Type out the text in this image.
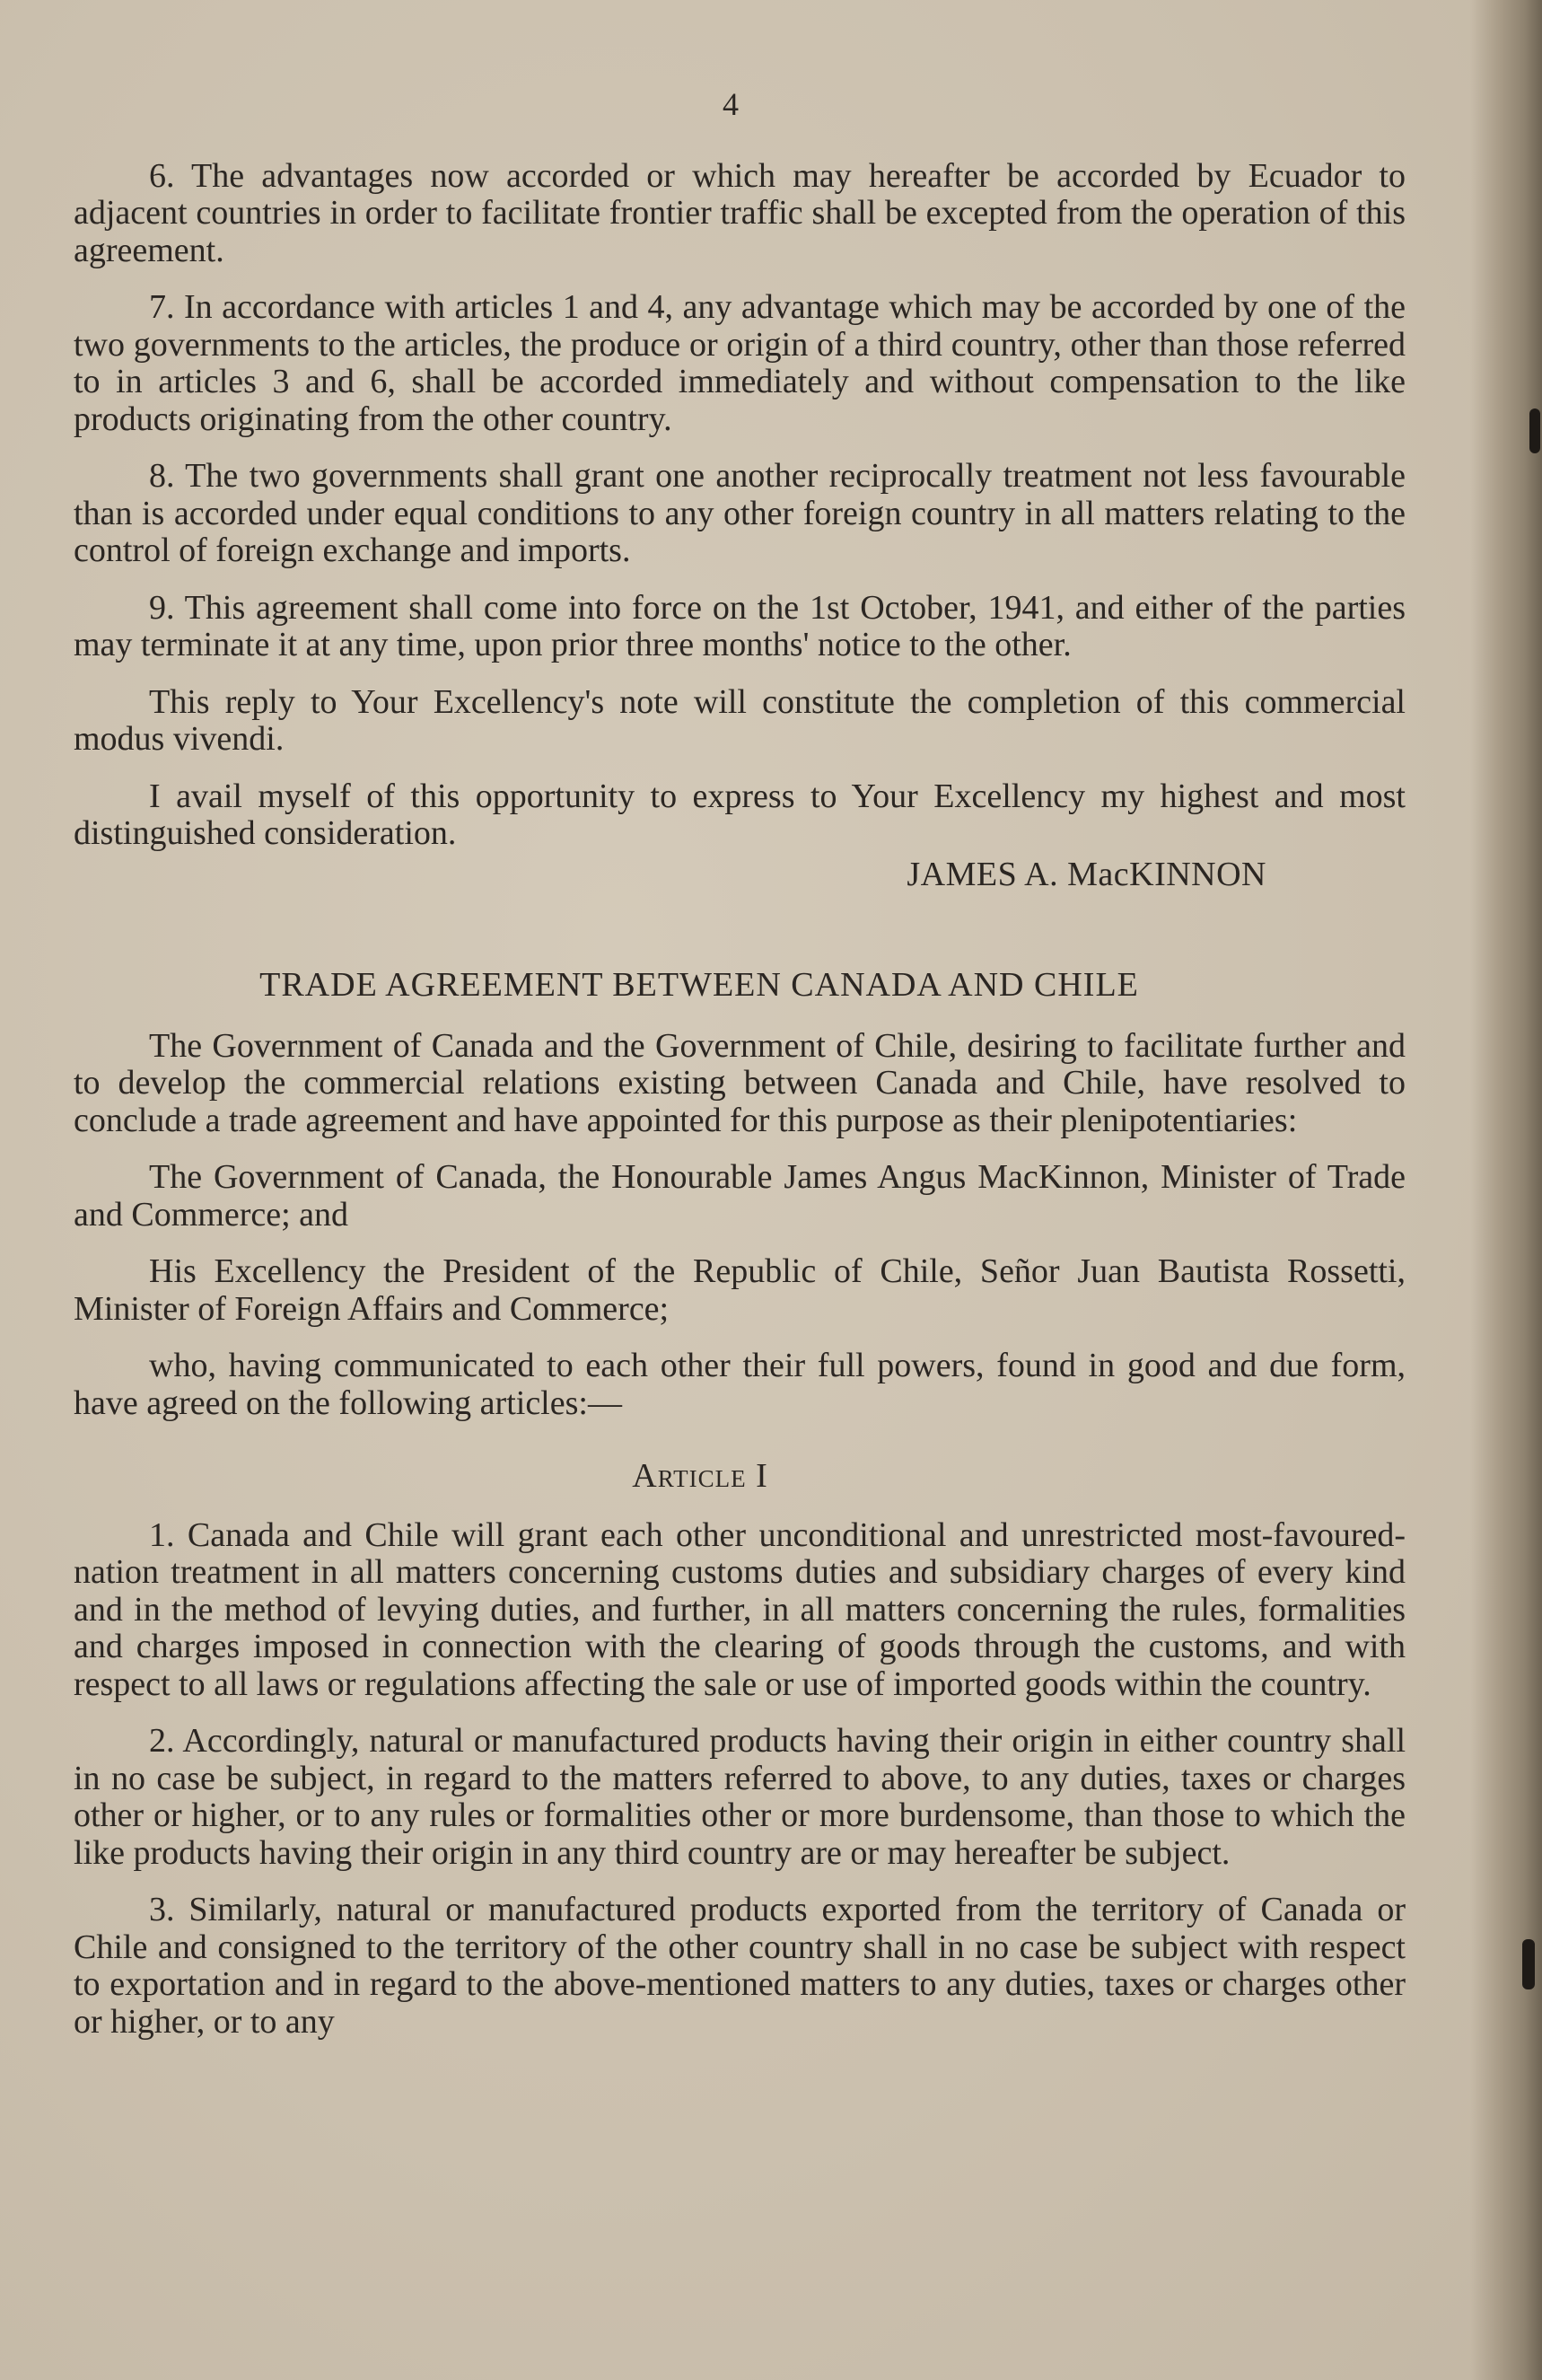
4

6. The advantages now accorded or which may hereafter be accorded by Ecuador to adjacent countries in order to facilitate frontier traffic shall be excepted from the operation of this agreement.

7. In accordance with articles 1 and 4, any advantage which may be accorded by one of the two governments to the articles, the produce or origin of a third country, other than those referred to in articles 3 and 6, shall be accorded immediately and without compensation to the like products originating from the other country.

8. The two governments shall grant one another reciprocally treatment not less favourable than is accorded under equal conditions to any other foreign country in all matters relating to the control of foreign exchange and imports.

9. This agreement shall come into force on the 1st October, 1941, and either of the parties may terminate it at any time, upon prior three months' notice to the other.

This reply to Your Excellency's note will constitute the completion of this commercial modus vivendi.

I avail myself of this opportunity to express to Your Excellency my highest and most distinguished consideration.

JAMES A. MacKINNON
TRADE AGREEMENT BETWEEN CANADA AND CHILE

The Government of Canada and the Government of Chile, desiring to facilitate further and to develop the commercial relations existing between Canada and Chile, have resolved to conclude a trade agreement and have appointed for this purpose as their plenipotentiaries:

The Government of Canada, the Honourable James Angus MacKinnon, Minister of Trade and Commerce; and

His Excellency the President of the Republic of Chile, Señor Juan Bautista Rossetti, Minister of Foreign Affairs and Commerce;

who, having communicated to each other their full powers, found in good and due form, have agreed on the following articles:—

Article I

1. Canada and Chile will grant each other unconditional and unrestricted most-favoured-nation treatment in all matters concerning customs duties and subsidiary charges of every kind and in the method of levying duties, and further, in all matters concerning the rules, formalities and charges imposed in connection with the clearing of goods through the customs, and with respect to all laws or regulations affecting the sale or use of imported goods within the country.

2. Accordingly, natural or manufactured products having their origin in either country shall in no case be subject, in regard to the matters referred to above, to any duties, taxes or charges other or higher, or to any rules or formalities other or more burdensome, than those to which the like products having their origin in any third country are or may hereafter be subject.

3. Similarly, natural or manufactured products exported from the territory of Canada or Chile and consigned to the territory of the other country shall in no case be subject with respect to exportation and in regard to the above-mentioned matters to any duties, taxes or charges other or higher, or to any
